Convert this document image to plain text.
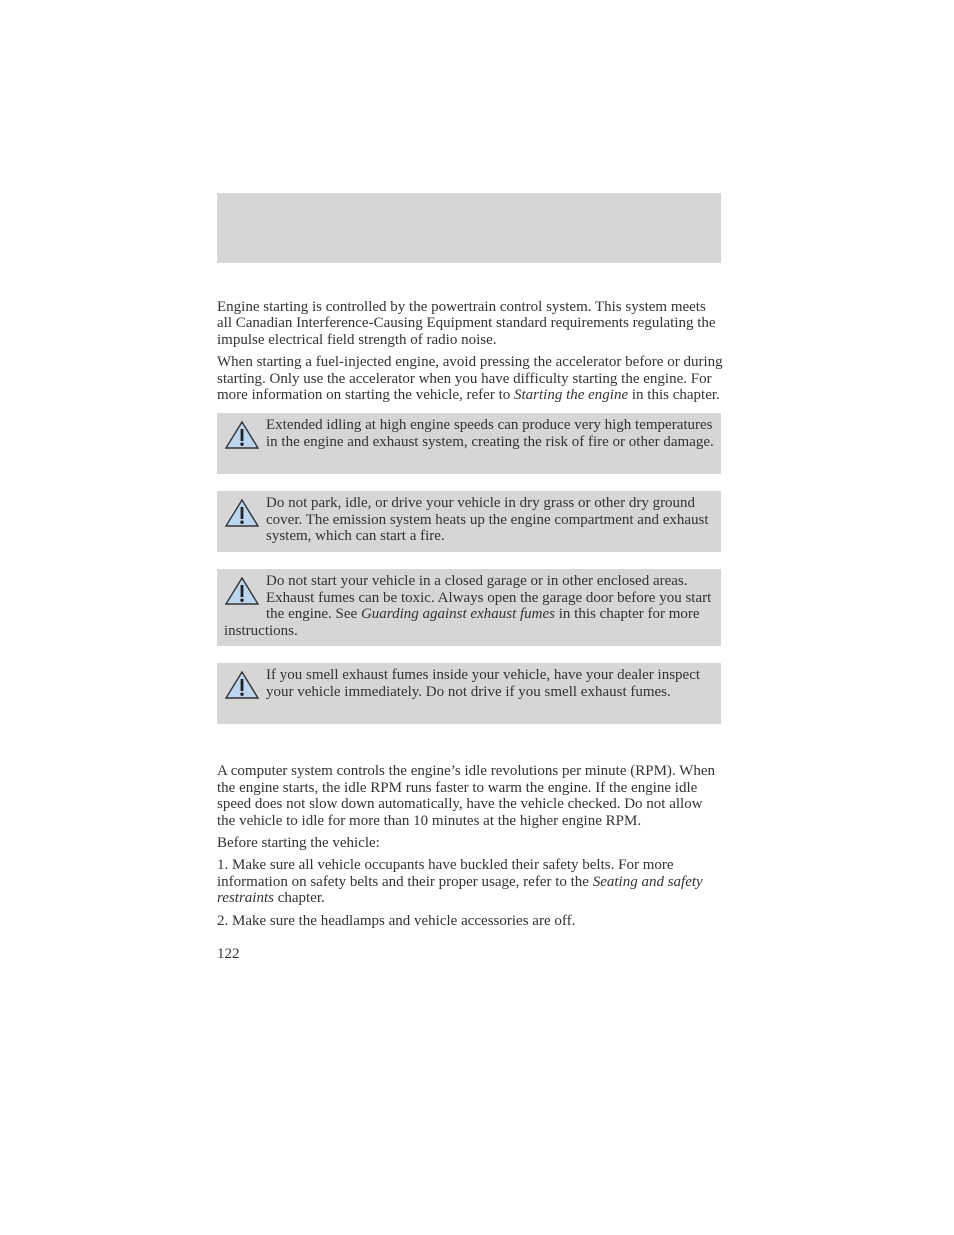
Engine starting is controlled by the powertrain control system. This system meets all Canadian Interference-Causing Equipment standard requirements regulating the impulse electrical field strength of radio noise.

When starting a fuel-injected engine, avoid pressing the accelerator before or during starting. Only use the accelerator when you have difficulty starting the engine. For more information on starting the vehicle, refer to Starting the engine in this chapter.

Extended idling at high engine speeds can produce very high temperatures in the engine and exhaust system, creating the risk of fire or other damage.
Do not park, idle, or drive your vehicle in dry grass or other dry ground cover. The emission system heats up the engine compartment and exhaust system, which can start a fire.
Do not start your vehicle in a closed garage or in other enclosed areas. Exhaust fumes can be toxic. Always open the garage door before you start the engine. See Guarding against exhaust fumes in this chapter for more instructions.
If you smell exhaust fumes inside your vehicle, have your dealer inspect your vehicle immediately. Do not drive if you smell exhaust fumes.

A computer system controls the engine’s idle revolutions per minute (RPM). When the engine starts, the idle RPM runs faster to warm the engine. If the engine idle speed does not slow down automatically, have the vehicle checked. Do not allow the vehicle to idle for more than 10 minutes at the higher engine RPM.

Before starting the vehicle:

1. Make sure all vehicle occupants have buckled their safety belts. For more information on safety belts and their proper usage, refer to the Seating and safety restraints chapter.

2. Make sure the headlamps and vehicle accessories are off.

122
